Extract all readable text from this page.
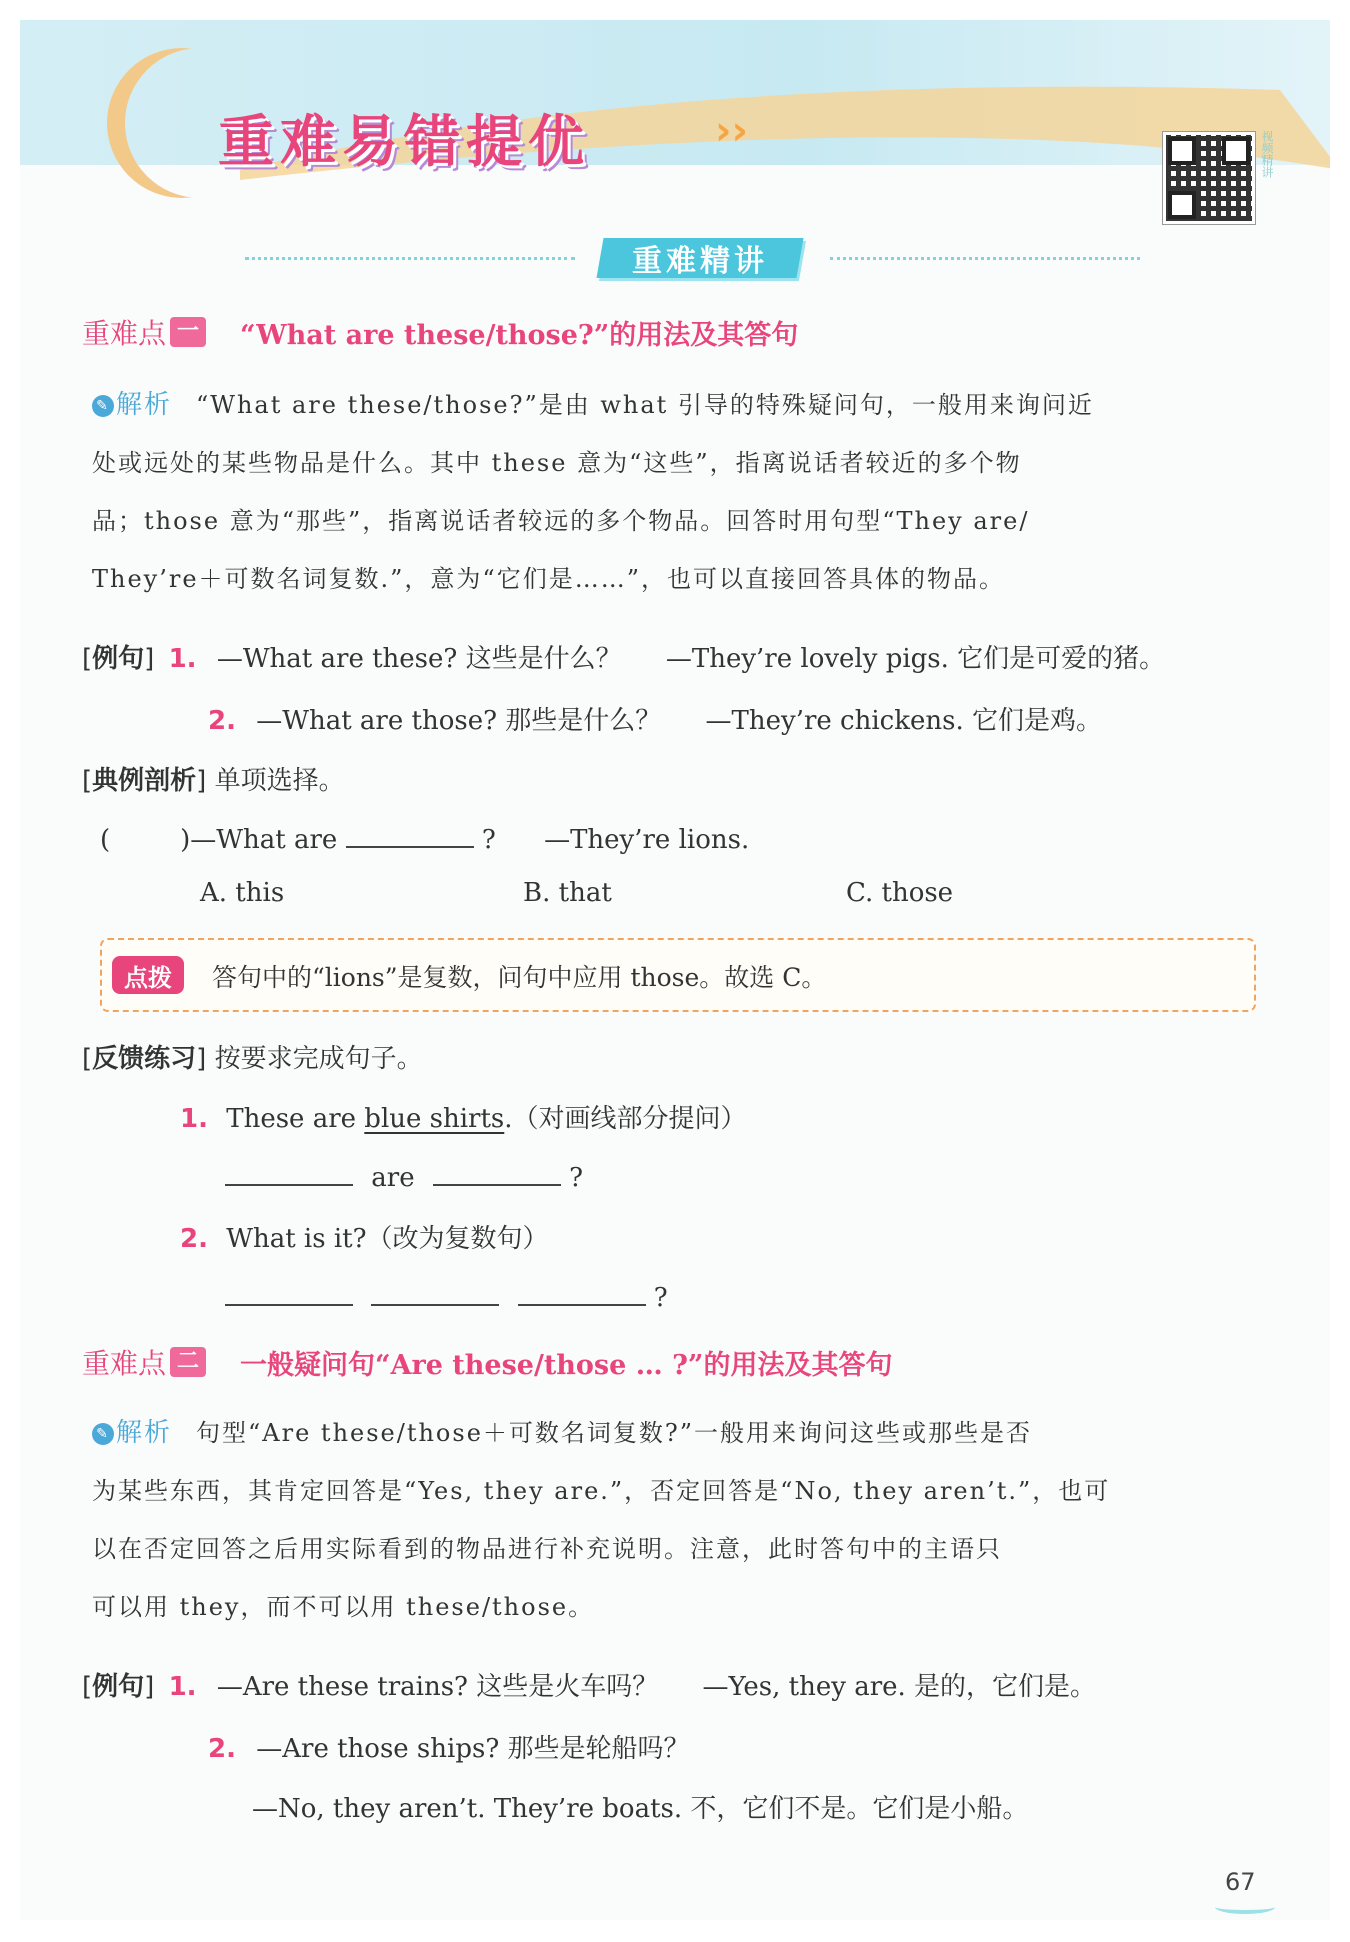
重难易错提优	››	视频精讲
重难精讲
重难点 一 “What are these/those?”的用法及其答句
✎ 解析 “What are these/those?”是由 what 引导的特殊疑问句，一般用来询问近
处或远处的某些物品是什么。其中 these 意为“这些”，指离说话者较近的多个物
品；those 意为“那些”，指离说话者较远的多个物品。回答时用句型“They are/
They’re＋可数名词复数.”，意为“它们是……”，也可以直接回答具体的物品。
[例句] 1. —What are these? 这些是什么？ —They’re lovely pigs. 它们是可爱的猪。
2. —What are those? 那些是什么？ —They’re chickens. 它们是鸡。
[典例剖析] 单项选择。
(	)—What are	? —They’re lions.
A. this	B. that	C. those
点拨	答句中的“lions”是复数，问句中应用 those。故选 C。
[反馈练习] 按要求完成句子。
1. These are blue shirts.（对画线部分提问）
are	?
2. What is it?（改为复数句）
?
重难点 二 一般疑问句“Are these/those … ?”的用法及其答句
✎ 解析 句型“Are these/those＋可数名词复数?”一般用来询问这些或那些是否
为某些东西，其肯定回答是“Yes, they are.”，否定回答是“No, they aren’t.”，也可
以在否定回答之后用实际看到的物品进行补充说明。注意，此时答句中的主语只
可以用 they，而不可以用 these/those。
[例句] 1. —Are these trains? 这些是火车吗？ —Yes, they are. 是的，它们是。
2. —Are those ships? 那些是轮船吗？
—No, they aren’t. They’re boats. 不，它们不是。它们是小船。
67
